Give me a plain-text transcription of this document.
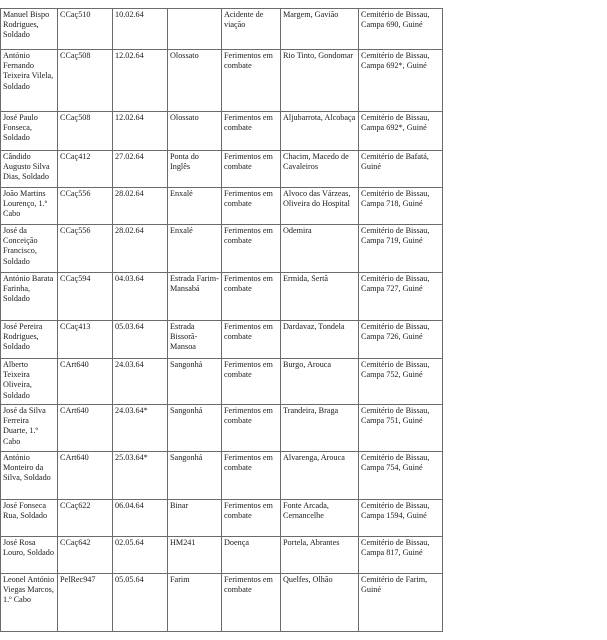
Manuel Bispo Rodrigues, Soldado	CCaç510	10.02.64		Acidente de viação	Margem, Gavião	Cemitério de Bissau, Campa 690, Guiné
António Fernando Teixeira Vilela, Soldado	CCaç508	12.02.64	Olossato	Ferimentos em combate	Rio Tinto, Gondomar	Cemitério de Bissau, Campa 692*, Guiné
José Paulo Fonseca, Soldado	CCaç508	12.02.64	Olossato	Ferimentos em combate	Aljubarrota, Alcobaça	Cemitério de Bissau, Campa 692*, Guiné
Cândido Augusto Silva Dias, Soldado	CCaç412	27.02.64	Ponta do Inglês	Ferimentos em combate	Chacim, Macedo de Cavaleiros	Cemitério de Bafatá, Guiné
João Martins Lourenço, 1.º Cabo	CCaç556	28.02.64	Enxalé	Ferimentos em combate	Alvoco das Várzeas, Oliveira do Hospital	Cemitério de Bissau, Campa 718, Guiné
José da Conceição Francisco, Soldado	CCaç556	28.02.64	Enxalé	Ferimentos em combate	Odemira	Cemitério de Bissau, Campa 719, Guiné
António Barata Farinha, Soldado	CCaç594	04.03.64	Estrada Farim-Mansabá	Ferimentos em combate	Ermida, Sertã	Cemitério de Bissau, Campa 727, Guiné
José Pereira Rodrigues, Soldado	CCaç413	05.03.64	Estrada Bissorã-Mansoa	Ferimentos em combate	Dardavaz, Tondela	Cemitério de Bissau, Campa 726, Guiné
Alberto Teixeira Oliveira, Soldado	CArt640	24.03.64	Sangonhá	Ferimentos em combate	Burgo, Arouca	Cemitério de Bissau, Campa 752, Guiné
José da Silva Ferreira Duarte, 1.º Cabo	CArt640	24.03.64*	Sangonhá	Ferimentos em combate	Trandeira, Braga	Cemitério de Bissau, Campa 751, Guiné
António Monteiro da Silva, Soldado	CArt640	25.03.64*	Sangonhá	Ferimentos em combate	Alvarenga, Arouca	Cemitério de Bissau, Campa 754, Guiné
José Fonseca Rua, Soldado	CCaç622	06.04.64	Binar	Ferimentos em combate	Fonte Arcada, Cernancelhe	Cemitério de Bissau, Campa 1594, Guiné
José Rosa Louro, Soldado	CCaç642	02.05.64	HM241	Doença	Portela, Abrantes	Cemitério de Bissau, Campa 817, Guiné
Leonel António Viegas Marcos, 1.º Cabo	PelRec947	05.05.64	Farim	Ferimentos em combate	Quelfes, Olhão	Cemitério de Farim, Guiné
